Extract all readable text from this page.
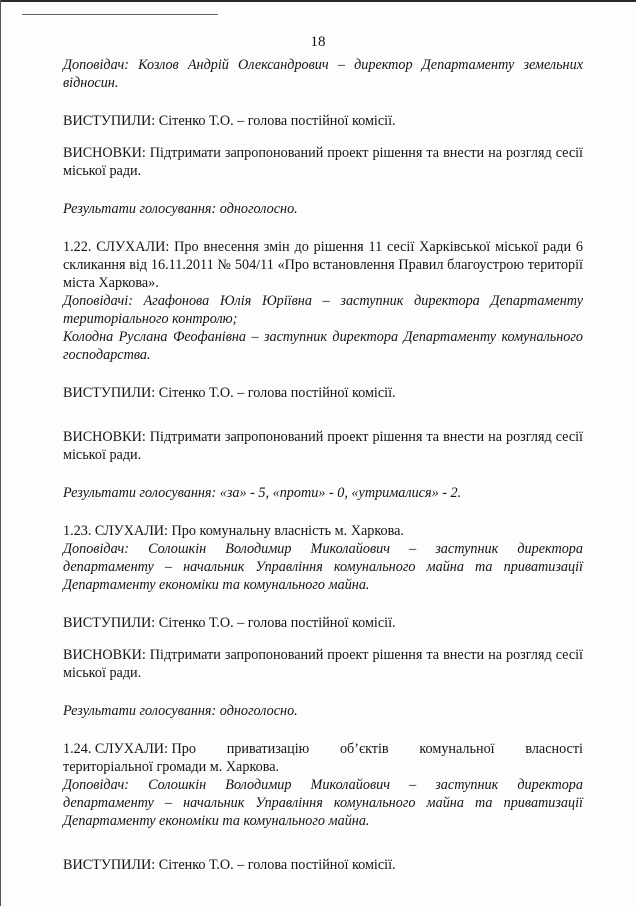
18

Доповідач: Козлов Андрій Олександрович – директор Департаменту земельних відносин.

ВИСТУПИЛИ: Сітенко Т.О. – голова постійної комісії.

ВИСНОВКИ: Підтримати запропонований проект рішення та внести на розгляд сесії міської ради.

Результати голосування: одноголосно.

1.22. СЛУХАЛИ: Про внесення змін до рішення 11 сесії Харківської міської ради 6 скликання від 16.11.2011 № 504/11 «Про встановлення Правил благоустрою території міста Харкова».

Доповідачі: Агафонова Юлія Юріївна – заступник директора Департаменту територіального контролю;

Колодна Руслана Феофанівна – заступник директора Департаменту комунального господарства.

ВИСТУПИЛИ: Сітенко Т.О. – голова постійної комісії.

ВИСНОВКИ: Підтримати запропонований проект рішення та внести на розгляд сесії міської ради.

Результати голосування: «за» - 5, «проти» - 0, «утрималися» - 2.

1.23. СЛУХАЛИ: Про комунальну власність м. Харкова.

Доповідач: Солошкін Володимир Миколайович – заступник директора департаменту – начальник Управління комунального майна та приватизації Департаменту економіки та комунального майна.

ВИСТУПИЛИ: Сітенко Т.О. – голова постійної комісії.

ВИСНОВКИ: Підтримати запропонований проект рішення та внести на розгляд сесії міської ради.

Результати голосування: одноголосно.

1.24. СЛУХАЛИ: Про приватизацію об’єктів комунальної власності

територіальної громади м. Харкова.

Доповідач: Солошкін Володимир Миколайович – заступник директора департаменту – начальник Управління комунального майна та приватизації Департаменту економіки та комунального майна.

ВИСТУПИЛИ: Сітенко Т.О. – голова постійної комісії.
